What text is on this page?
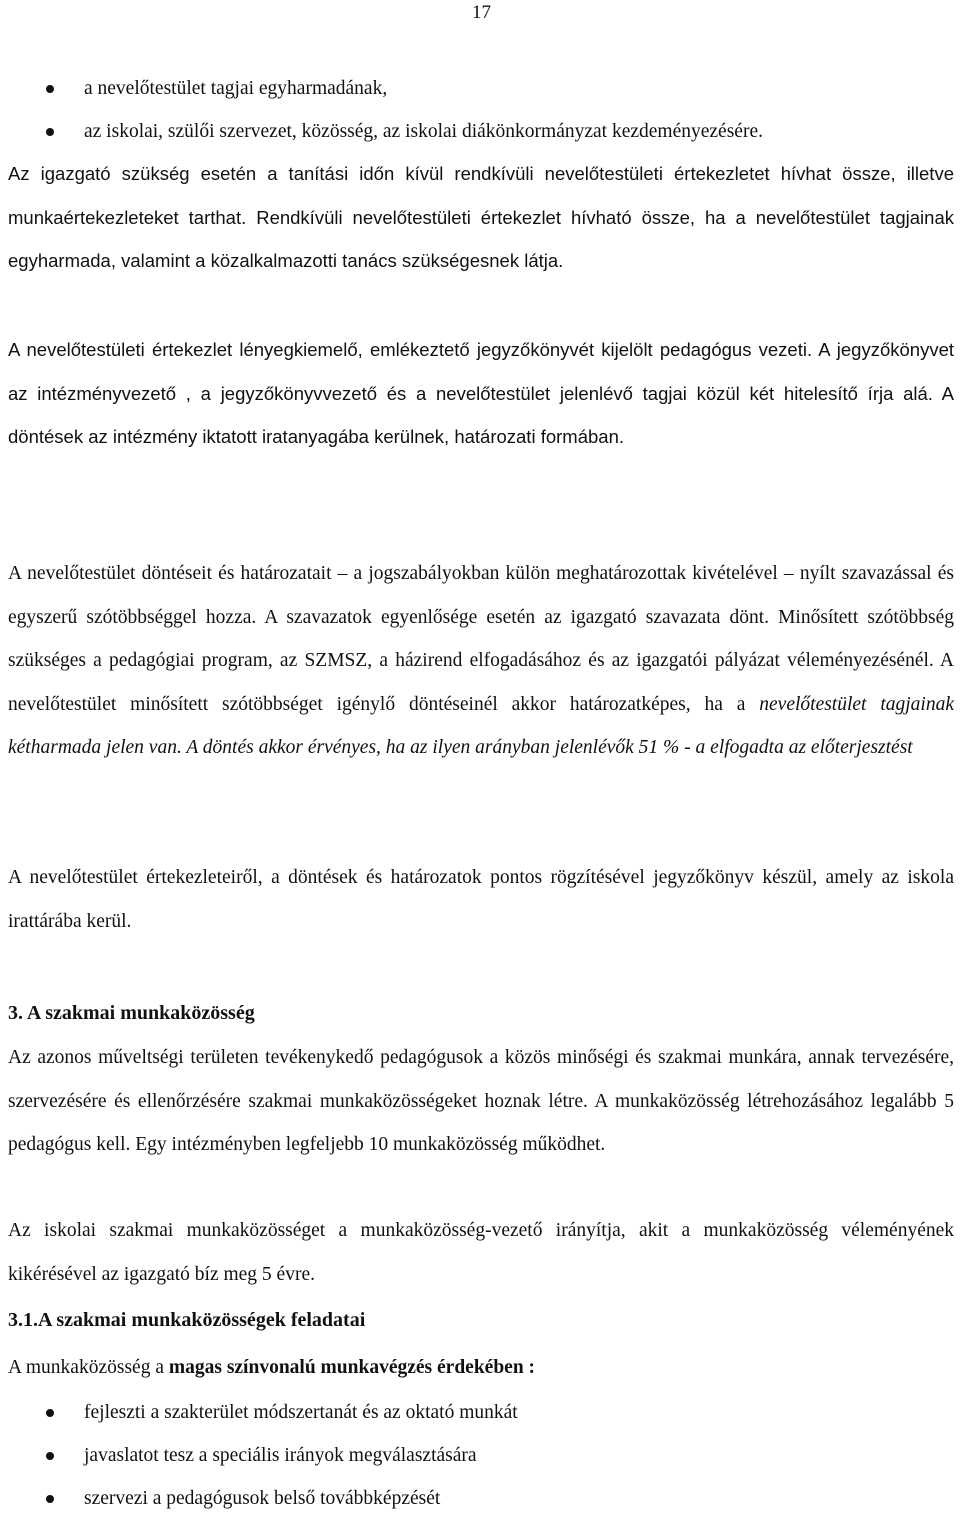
17
a nevelőtestület tagjai egyharmadának,
az iskolai, szülői szervezet, közösség, az iskolai diákönkormányzat kezdeményezésére.

Az igazgató szükség esetén a tanítási időn kívül rendkívüli nevelőtestületi értekezletet hívhat össze, illetve munkaértekezleteket tarthat. Rendkívüli nevelőtestületi értekezlet hívható össze, ha a nevelőtestület tagjainak egyharmada, valamint a közalkalmazotti tanács szükségesnek látja.

A nevelőtestületi értekezlet lényegkiemelő, emlékeztető jegyzőkönyvét kijelölt pedagógus vezeti. A jegyzőkönyvet az intézményvezető , a jegyzőkönyvvezető és a nevelőtestület jelenlévő tagjai közül két hitelesítő írja alá. A döntések az intézmény iktatott iratanyagába kerülnek, határozati formában.

A nevelőtestület döntéseit és határozatait – a jogszabályokban külön meghatározottak kivételével – nyílt szavazással és egyszerű szótöbbséggel hozza. A szavazatok egyenlősége esetén az igazgató szavazata dönt. Minősített szótöbbség szükséges a pedagógiai program, az SZMSZ, a házirend elfogadásához és az igazgatói pályázat véleményezésénél. A nevelőtestület minősített szótöbbséget igénylő döntéseinél akkor határozatképes, ha a nevelőtestület tagjainak kétharmada jelen van. A döntés akkor érvényes, ha az ilyen arányban jelenlévők 51 % - a elfogadta az előterjesztést

A nevelőtestület értekezleteiről, a döntések és határozatok pontos rögzítésével jegyzőkönyv készül, amely az iskola irattárába kerül.

3. A szakmai munkaközösség

Az azonos műveltségi területen tevékenykedő pedagógusok a közös minőségi és szakmai munkára, annak tervezésére, szervezésére és ellenőrzésére szakmai munkaközösségeket hoznak létre. A munkaközösség létrehozásához legalább 5 pedagógus kell. Egy intézményben legfeljebb 10 munkaközösség működhet.

Az iskolai szakmai munkaközösséget a munkaközösség-vezető irányítja, akit a munkaközösség véleményének kikérésével az igazgató bíz meg 5 évre.

3.1.A szakmai munkaközösségek feladatai

A munkaközösség a magas színvonalú munkavégzés érdekében :

fejleszti a szakterület módszertanát és az oktató munkát
javaslatot tesz a speciális irányok megválasztására
szervezi a pedagógusok belső továbbképzését
